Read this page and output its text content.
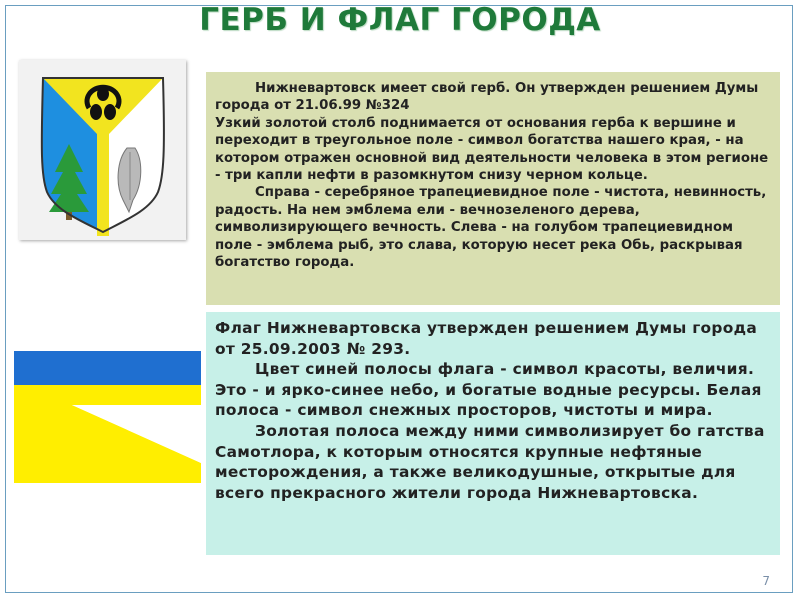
ГЕРБ И ФЛАГ ГОРОДА

Нижневартовск имеет свой герб. Он утвержден решением Думы города от 21.06.99 №324

Узкий золотой столб поднимается от основания герба к вершине и переходит в треугольное поле - символ богатства нашего края, - на котором отражен основной вид деятельности человека в этом регионе - три капли нефти в разомкнутом снизу черном кольце.

Справа - серебряное трапециевидное поле - чистота, невинность, радость. На нем эмблема ели - вечнозеленого дерева, символизирующего вечность. Слева - на голубом трапециевидном поле - эмблема рыб, это слава, которую несет река Обь, раскрывая богатство города.

Флаг Нижневартовска утвержден решением Думы города от 25.09.2003 № 293.

Цвет синей полосы флага - символ красоты, величия. Это - и ярко-синее небо, и богатые водные ресурсы. Белая полоса - символ снежных просторов, чистоты и мира.

Золотая полоса между ними символизирует бо гатства Самотлора, к которым относятся крупные нефтяные месторождения, а также великодушные, открытые для всего прекрасного жители города Нижневартовска.

7
